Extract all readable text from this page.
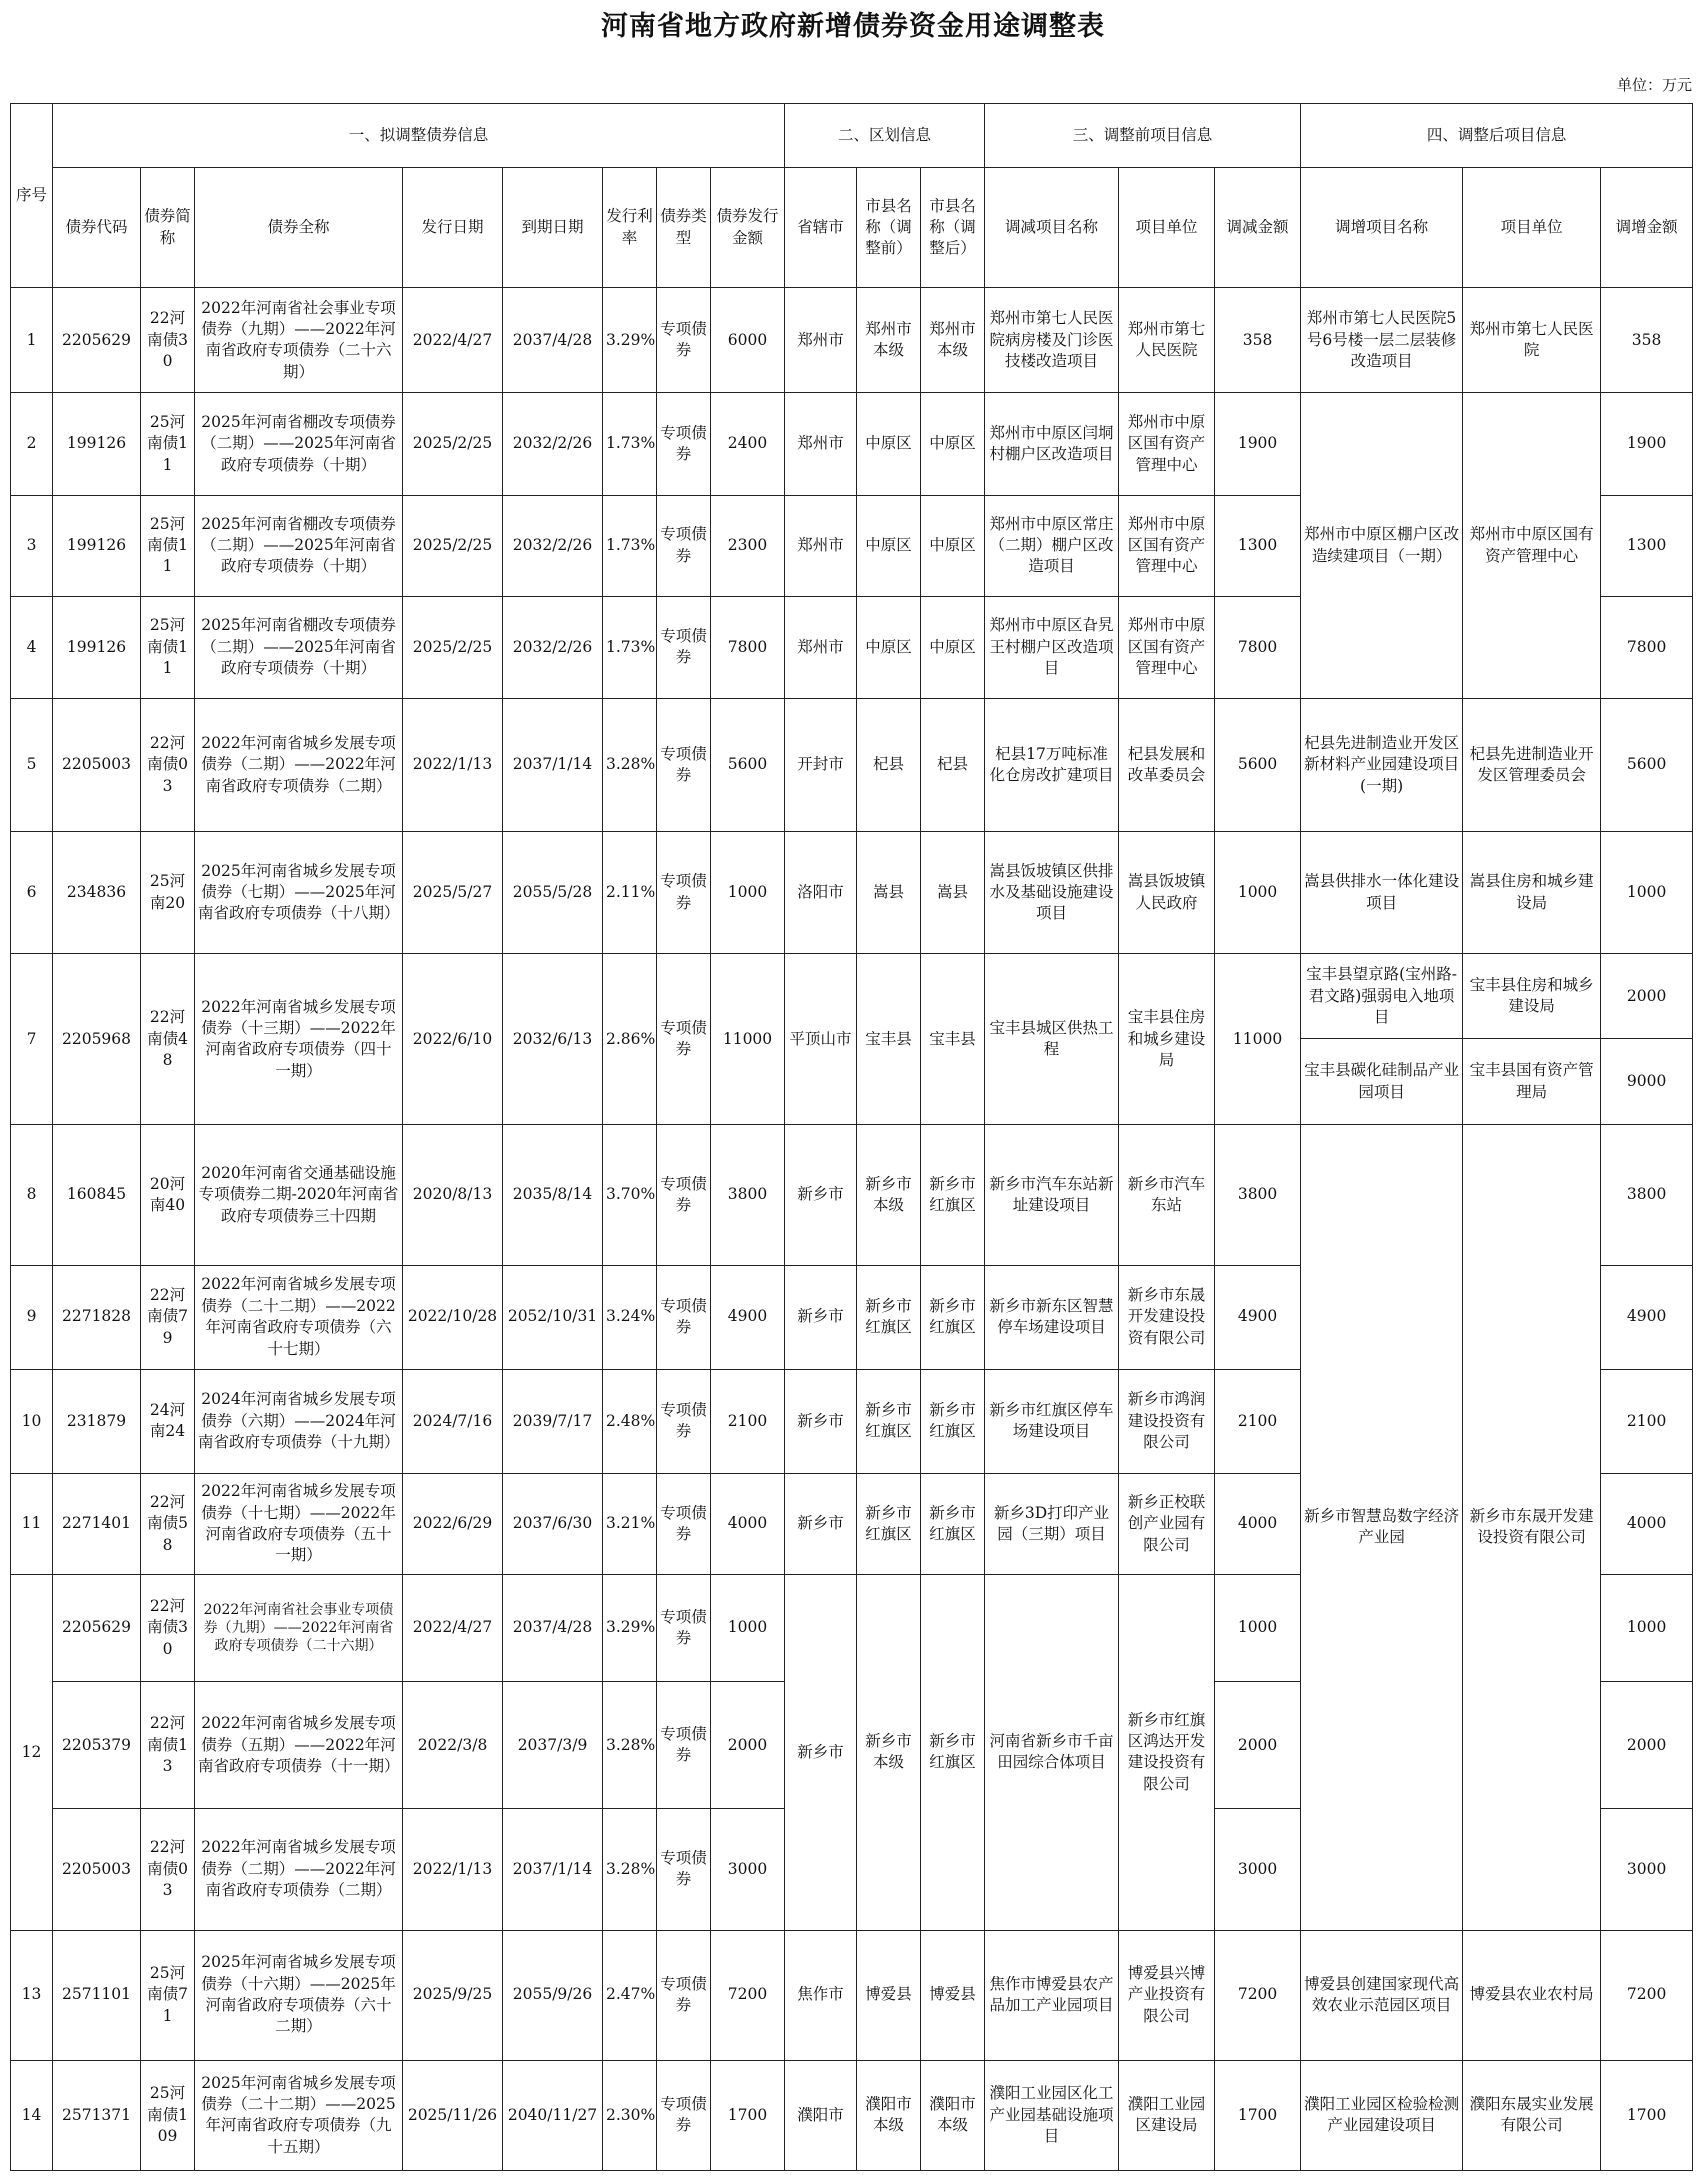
河南省地方政府新增债券资金用途调整表
单位：万元
序号	一、拟调整债券信息								二、区划信息			三、调整前项目信息			四、调整后项目信息		
	债券代码	债券简称	债券全称	发行日期	到期日期	发行利率	债券类型	债券发行金额	省辖市	市县名称（调整前）	市县名称（调整后）	调减项目名称	项目单位	调减金额	调增项目名称	项目单位	调增金额
1	2205629	22河南债30	2022年河南省社会事业专项债券（九期）——2022年河南省政府专项债券（二十六期）	2022/4/27	2037/4/28	3.29%	专项债券	6000	郑州市	郑州市本级	郑州市本级	郑州市第七人民医院病房楼及门诊医技楼改造项目	郑州市第七人民医院	358	郑州市第七人民医院5号6号楼一层二层装修改造项目	郑州市第七人民医院	358
2	199126	25河南债11	2025年河南省棚改专项债券（二期）——2025年河南省政府专项债券（十期）	2025/2/25	2032/2/26	1.73%	专项债券	2400	郑州市	中原区	中原区	郑州市中原区闫垌村棚户区改造项目	郑州市中原区国有资产管理中心	1900	郑州市中原区棚户区改造续建项目（一期）	郑州市中原区国有资产管理中心	1900
3	199126	25河南债11	2025年河南省棚改专项债券（二期）——2025年河南省政府专项债券（十期）	2025/2/25	2032/2/26	1.73%	专项债券	2300	郑州市	中原区	中原区	郑州市中原区常庄（二期）棚户区改造项目	郑州市中原区国有资产管理中心	1300			1300
4	199126	25河南债11	2025年河南省棚改专项债券（二期）——2025年河南省政府专项债券（十期）	2025/2/25	2032/2/26	1.73%	专项债券	7800	郑州市	中原区	中原区	郑州市中原区旮旯王村棚户区改造项目	郑州市中原区国有资产管理中心	7800			7800
5	2205003	22河南债03	2022年河南省城乡发展专项债券（二期）——2022年河南省政府专项债券（二期）	2022/1/13	2037/1/14	3.28%	专项债券	5600	开封市	杞县	杞县	杞县17万吨标准化仓房改扩建项目	杞县发展和改革委员会	5600	杞县先进制造业开发区新材料产业园建设项目(一期)	杞县先进制造业开发区管理委员会	5600
6	234836	25河南20	2025年河南省城乡发展专项债券（七期）——2025年河南省政府专项债券（十八期）	2025/5/27	2055/5/28	2.11%	专项债券	1000	洛阳市	嵩县	嵩县	嵩县饭坡镇区供排水及基础设施建设项目	嵩县饭坡镇人民政府	1000	嵩县供排水一体化建设项目	嵩县住房和城乡建设局	1000
7	2205968	22河南债48	2022年河南省城乡发展专项债券（十三期）——2022年河南省政府专项债券（四十一期）	2022/6/10	2032/6/13	2.86%	专项债券	11000	平顶山市	宝丰县	宝丰县	宝丰县城区供热工程	宝丰县住房和城乡建设局	11000	宝丰县望京路(宝州路-君文路)强弱电入地项目	宝丰县住房和城乡建设局	2000
															宝丰县碳化硅制品产业园项目	宝丰县国有资产管理局	9000
8	160845	20河南40	2020年河南省交通基础设施专项债券二期-2020年河南省政府专项债券三十四期	2020/8/13	2035/8/14	3.70%	专项债券	3800	新乡市	新乡市本级	新乡市红旗区	新乡市汽车东站新址建设项目	新乡市汽车东站	3800	新乡市智慧岛数字经济产业园	新乡市东晟开发建设投资有限公司	3800
9	2271828	22河南债79	2022年河南省城乡发展专项债券（二十二期）——2022年河南省政府专项债券（六十七期）	2022/10/28	2052/10/31	3.24%	专项债券	4900	新乡市	新乡市红旗区	新乡市红旗区	新乡市新东区智慧停车场建设项目	新乡市东晟开发建设投资有限公司	4900			4900
10	231879	24河南24	2024年河南省城乡发展专项债券（六期）——2024年河南省政府专项债券（十九期）	2024/7/16	2039/7/17	2.48%	专项债券	2100	新乡市	新乡市红旗区	新乡市红旗区	新乡市红旗区停车场建设项目	新乡市鸿润建设投资有限公司	2100			2100
11	2271401	22河南债58	2022年河南省城乡发展专项债券（十七期）——2022年河南省政府专项债券（五十一期）	2022/6/29	2037/6/30	3.21%	专项债券	4000	新乡市	新乡市红旗区	新乡市红旗区	新乡3D打印产业园（三期）项目	新乡正校联创产业园有限公司	4000			4000
12	2205629	22河南债30	2022年河南省社会事业专项债券（九期）——2022年河南省政府专项债券（二十六期）	2022/4/27	2037/4/28	3.29%	专项债券	1000	新乡市	新乡市本级	新乡市红旗区	河南省新乡市千亩田园综合体项目	新乡市红旗区鸿达开发建设投资有限公司	1000			1000
	2205379	22河南债13	2022年河南省城乡发展专项债券（五期）——2022年河南省政府专项债券（十一期）	2022/3/8	2037/3/9	3.28%	专项债券	2000						2000			2000
	2205003	22河南债03	2022年河南省城乡发展专项债券（二期）——2022年河南省政府专项债券（二期）	2022/1/13	2037/1/14	3.28%	专项债券	3000						3000			3000
13	2571101	25河南债71	2025年河南省城乡发展专项债券（十六期）——2025年河南省政府专项债券（六十二期）	2025/9/25	2055/9/26	2.47%	专项债券	7200	焦作市	博爱县	博爱县	焦作市博爱县农产品加工产业园项目	博爱县兴博产业投资有限公司	7200	博爱县创建国家现代高效农业示范园区项目	博爱县农业农村局	7200
14	2571371	25河南债109	2025年河南省城乡发展专项债券（二十二期）——2025年河南省政府专项债券（九十五期）	2025/11/26	2040/11/27	2.30%	专项债券	1700	濮阳市	濮阳市本级	濮阳市本级	濮阳工业园区化工产业园基础设施项目	濮阳工业园区建设局	1700	濮阳工业园区检验检测产业园建设项目	濮阳东晟实业发展有限公司	1700
